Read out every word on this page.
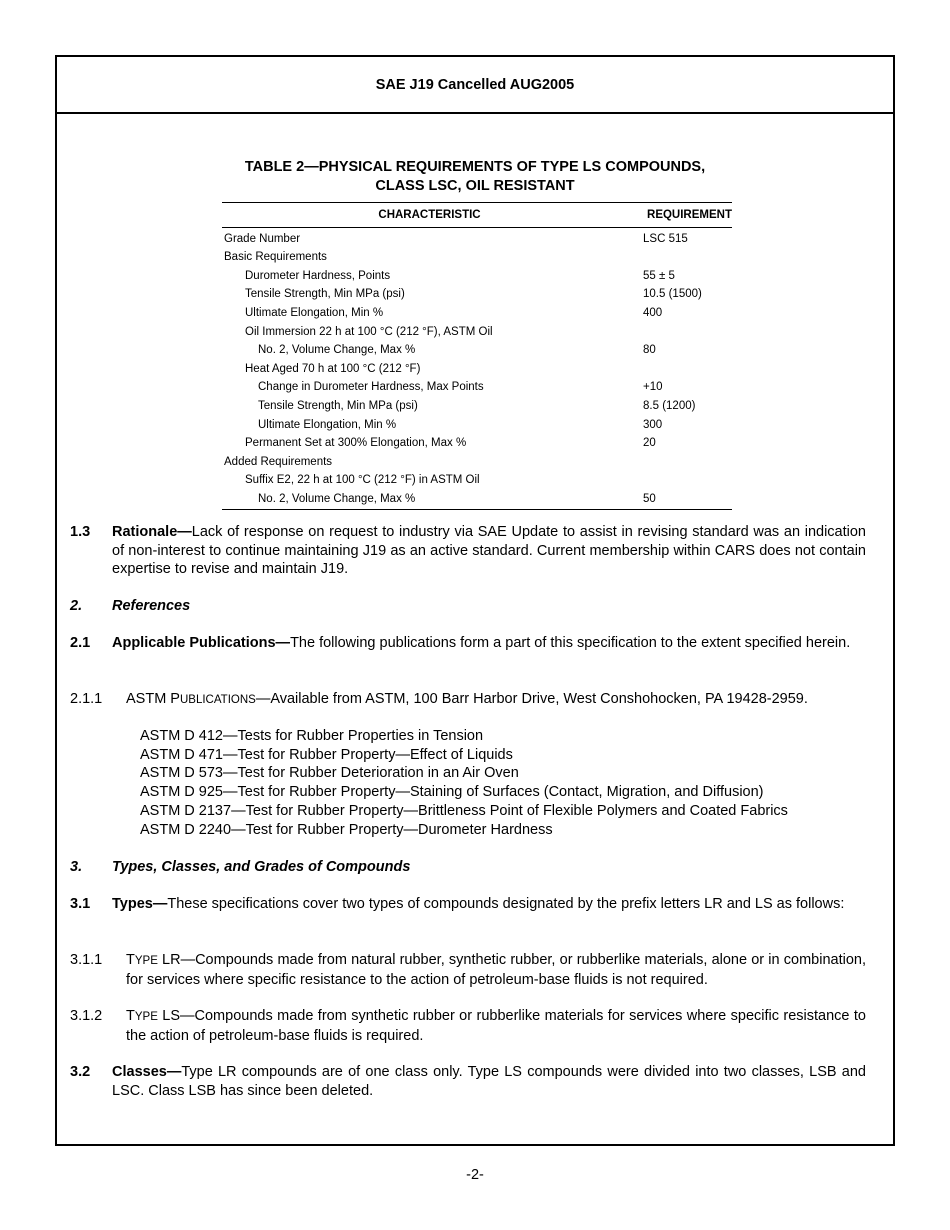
SAE J19 Cancelled AUG2005
TABLE 2—PHYSICAL REQUIREMENTS OF TYPE LS COMPOUNDS,
CLASS LSC, OIL RESISTANT
CHARACTERISTIC	REQUIREMENT
Grade Number	LSC 515
Basic Requirements	
Durometer Hardness, Points	55 ± 5
Tensile Strength, Min MPa (psi)	10.5 (1500)
Ultimate Elongation, Min %	400
Oil Immersion 22 h at 100 °C (212 °F), ASTM Oil	
No. 2, Volume Change, Max %	80
Heat Aged 70 h at 100 °C (212 °F)	
Change in Durometer Hardness, Max Points	+10
Tensile Strength, Min MPa (psi)	8.5 (1200)
Ultimate Elongation, Min %	300
Permanent Set at 300% Elongation, Max %	20
Added Requirements	
Suffix E2, 22 h at 100 °C (212 °F) in ASTM Oil	
No. 2, Volume Change, Max %	50
1.3 Rationale—Lack of response on request to industry via SAE Update to assist in revising standard was an indication of non-interest to continue maintaining J19 as an active standard. Current membership within CARS does not contain expertise to revise and maintain J19.
2. References
2.1 Applicable Publications—The following publications form a part of this specification to the extent specified herein.
2.1.1 ASTM PUBLICATIONS—Available from ASTM, 100 Barr Harbor Drive, West Conshohocken, PA 19428-2959.
ASTM D 412—Tests for Rubber Properties in Tension
ASTM D 471—Test for Rubber Property—Effect of Liquids
ASTM D 573—Test for Rubber Deterioration in an Air Oven
ASTM D 925—Test for Rubber Property—Staining of Surfaces (Contact, Migration, and Diffusion)
ASTM D 2137—Test for Rubber Property—Brittleness Point of Flexible Polymers and Coated Fabrics
ASTM D 2240—Test for Rubber Property—Durometer Hardness
3. Types, Classes, and Grades of Compounds
3.1 Types—These specifications cover two types of compounds designated by the prefix letters LR and LS as follows:
3.1.1 TYPE LR—Compounds made from natural rubber, synthetic rubber, or rubberlike materials, alone or in combination, for services where specific resistance to the action of petroleum-base fluids is not required.
3.1.2 TYPE LS—Compounds made from synthetic rubber or rubberlike materials for services where specific resistance to the action of petroleum-base fluids is required.
3.2 Classes—Type LR compounds are of one class only. Type LS compounds were divided into two classes, LSB and LSC. Class LSB has since been deleted.
-2-
